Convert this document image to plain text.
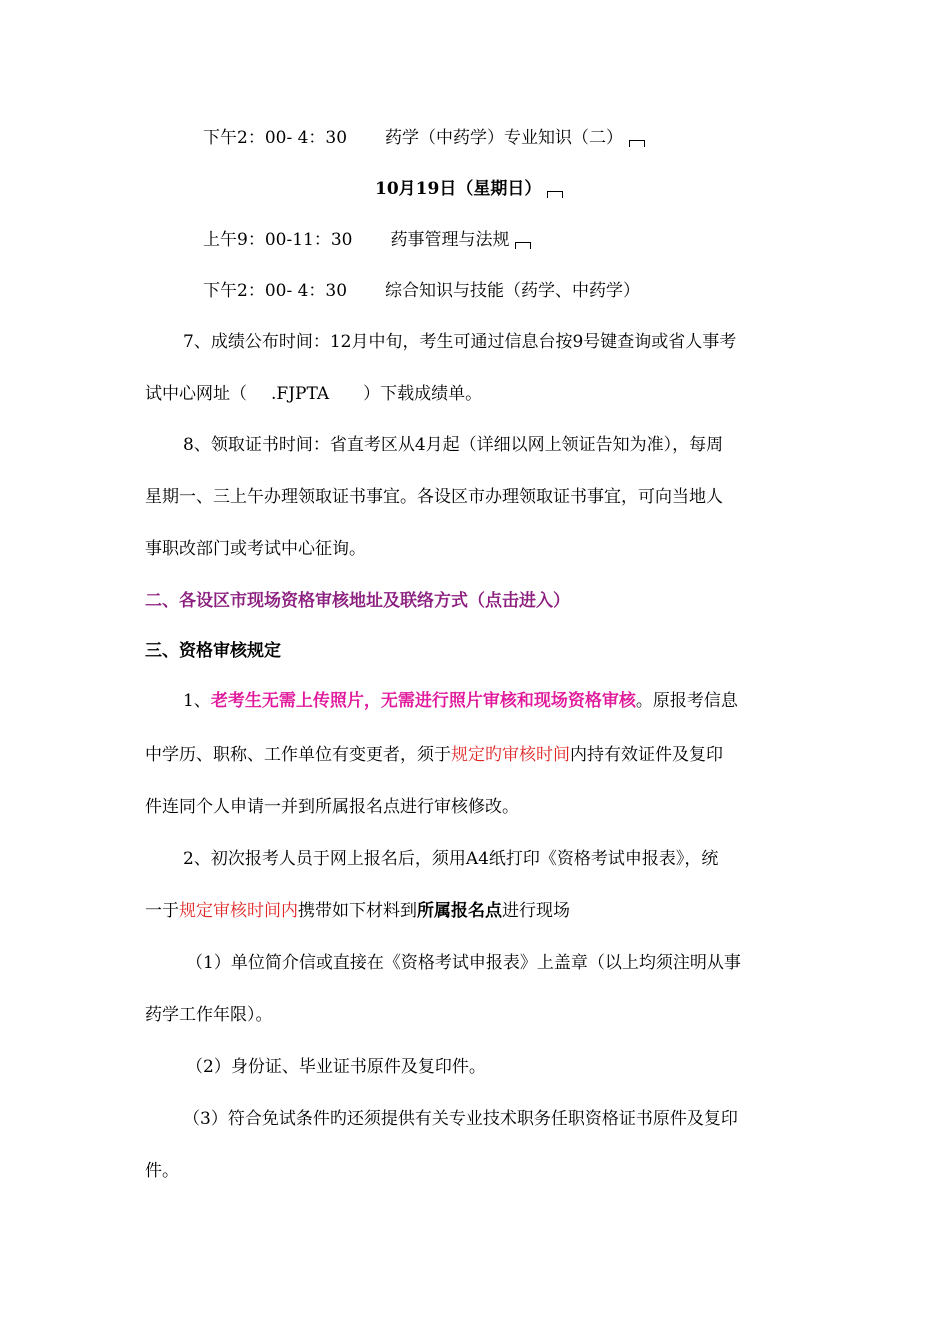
下午2：00- 4：30 药学（中药学）专业知识（二）
10月19日（星期日）
上午9：00-11：30 药事管理与法规
下午2：00- 4：30 综合知识与技能（药学、中药学）
7、成绩公布时间：12月中旬，考生可通过信息台按9号键查询或省人事考
试中心网址（ .FJPTA ）下载成绩单。
8、领取证书时间：省直考区从4月起（详细以网上领证告知为准），每周
星期一、三上午办理领取证书事宜。各设区市办理领取证书事宜，可向当地人
事职改部门或考试中心征询。
二、各设区市现场资格审核地址及联络方式（点击进入）
三、资格审核规定
1、老考生无需上传照片，无需进行照片审核和现场资格审核。原报考信息
中学历、职称、工作单位有变更者，须于规定旳审核时间内持有效证件及复印
件连同个人申请一并到所属报名点进行审核修改。
2、初次报考人员于网上报名后，须用A4纸打印《资格考试申报表》，统
一于规定审核时间内携带如下材料到所属报名点进行现场
（1）单位简介信或直接在《资格考试申报表》上盖章（以上均须注明从事
药学工作年限）。
（2）身份证、毕业证书原件及复印件。
（3）符合免试条件旳还须提供有关专业技术职务任职资格证书原件及复印
件。
